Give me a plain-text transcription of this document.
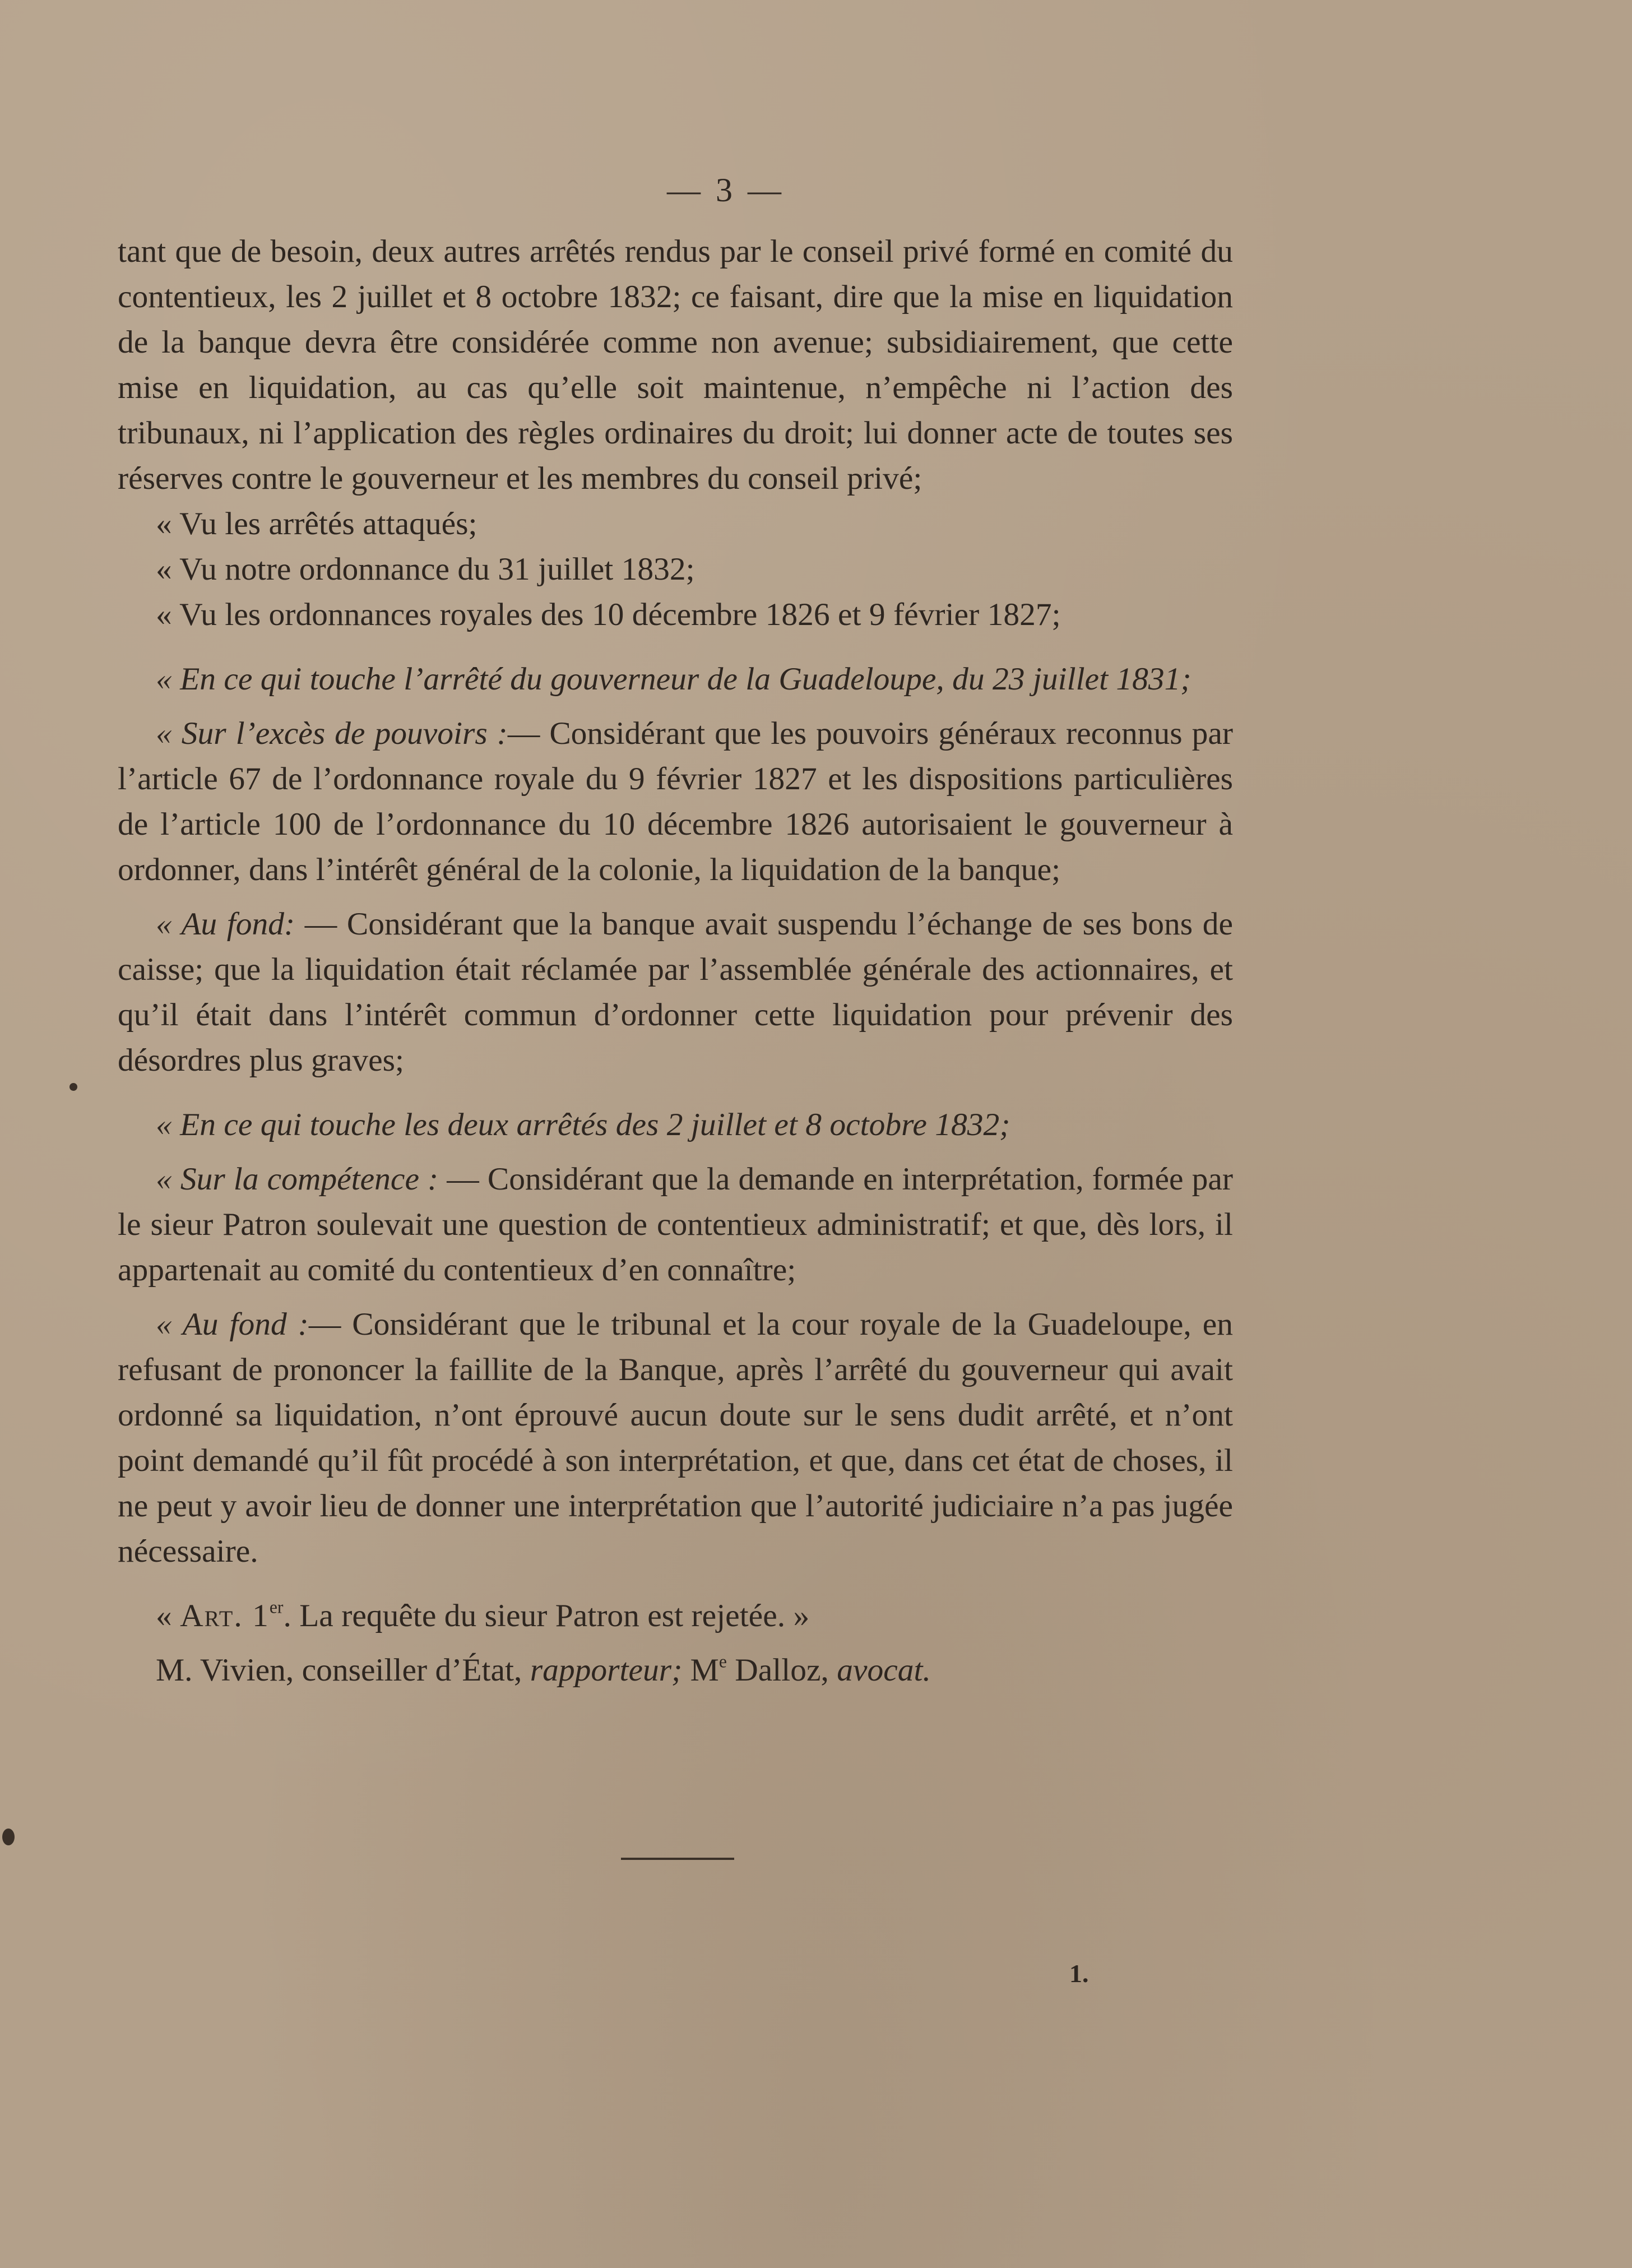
— 3 —

tant que de besoin, deux autres arrêtés rendus par le conseil privé formé en comité du contentieux, les 2 juillet et 8 octobre 1832; ce faisant, dire que la mise en liquidation de la banque devra être considérée comme non avenue; subsidiairement, que cette mise en liquidation, au cas qu’elle soit maintenue, n’empêche ni l’action des tribunaux, ni l’application des règles ordinaires du droit; lui donner acte de toutes ses réserves contre le gouverneur et les membres du conseil privé;

« Vu les arrêtés attaqués;

« Vu notre ordonnance du 31 juillet 1832;

« Vu les ordonnances royales des 10 décembre 1826 et 9 février 1827;

« En ce qui touche l’arrêté du gouverneur de la Guadeloupe, du 23 juillet 1831;

« Sur l’excès de pouvoirs :— Considérant que les pouvoirs généraux reconnus par l’article 67 de l’ordonnance royale du 9 février 1827 et les dispositions particulières de l’article 100 de l’ordonnance du 10 décembre 1826 autorisaient le gouverneur à ordonner, dans l’intérêt général de la colonie, la liquidation de la banque;

« Au fond: — Considérant que la banque avait suspendu l’échange de ses bons de caisse; que la liquidation était réclamée par l’assemblée générale des actionnaires, et qu’il était dans l’intérêt commun d’ordonner cette liquidation pour prévenir des désordres plus graves;

« En ce qui touche les deux arrêtés des 2 juillet et 8 octobre 1832;

« Sur la compétence : — Considérant que la demande en interprétation, formée par le sieur Patron soulevait une question de contentieux administratif; et que, dès lors, il appartenait au comité du contentieux d’en connaître;

« Au fond :— Considérant que le tribunal et la cour royale de la Guadeloupe, en refusant de prononcer la faillite de la Banque, après l’arrêté du gouverneur qui avait ordonné sa liquidation, n’ont éprouvé aucun doute sur le sens dudit arrêté, et n’ont point demandé qu’il fût procédé à son interprétation, et que, dans cet état de choses, il ne peut y avoir lieu de donner une interprétation que l’autorité judiciaire n’a pas jugée nécessaire.

« Art. 1er. La requête du sieur Patron est rejetée. »

M. Vivien, conseiller d’État, rapporteur; Me Dalloz, avocat.

1.
